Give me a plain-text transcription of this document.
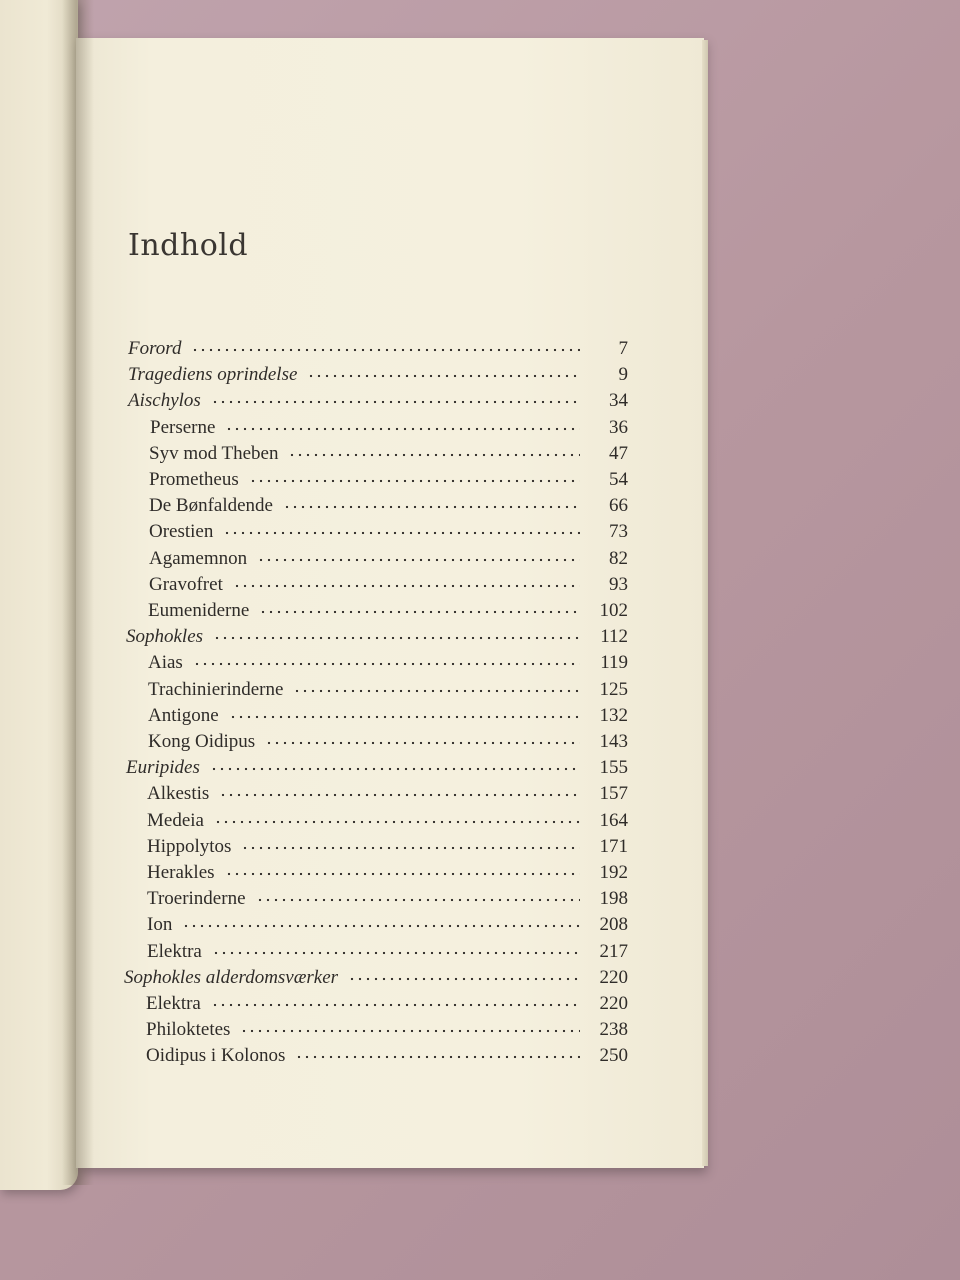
Indhold
Forord	7
Tragediens oprindelse	9
Aischylos	34
Perserne	36
Syv mod Theben	47
Prometheus	54
De Bønfaldende	66
Orestien	73
Agamemnon	82
Gravofret	93
Eumeniderne	102
Sophokles	112
Aias	119
Trachinierinderne	125
Antigone	132
Kong Oidipus	143
Euripides	155
Alkestis	157
Medeia	164
Hippolytos	171
Herakles	192
Troerinderne	198
Ion	208
Elektra	217
Sophokles alderdomsværker	220
Elektra	220
Philoktetes	238
Oidipus i Kolonos	250
